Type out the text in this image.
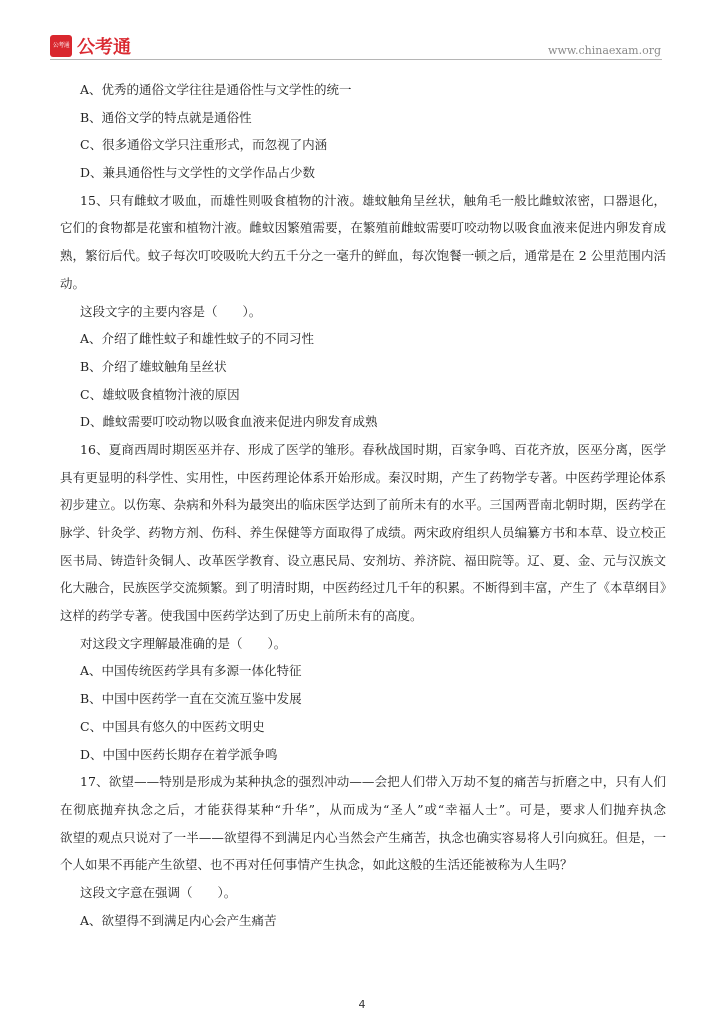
公考通 公考通	www.chinaexam.org
A、优秀的通俗文学往往是通俗性与文学性的统一
B、通俗文学的特点就是通俗性
C、很多通俗文学只注重形式，而忽视了内涵
D、兼具通俗性与文学性的文学作品占少数
15、只有雌蚊才吸血，而雄性则吸食植物的汁液。雄蚊触角呈丝状，触角毛一般比雌蚊浓密，口器退化，
它们的食物都是花蜜和植物汁液。雌蚊因繁殖需要，在繁殖前雌蚊需要叮咬动物以吸食血液来促进内卵发育成
熟，繁衍后代。蚊子每次叮咬吸吮大约五千分之一毫升的鲜血，每次饱餐一顿之后，通常是在 2 公里范围内活
动。
这段文字的主要内容是（　　）。
A、介绍了雌性蚊子和雄性蚊子的不同习性
B、介绍了雄蚊触角呈丝状
C、雄蚊吸食植物汁液的原因
D、雌蚊需要叮咬动物以吸食血液来促进内卵发育成熟
16、夏商西周时期医巫并存、形成了医学的雏形。春秋战国时期，百家争鸣、百花齐放，医巫分离，医学
具有更显明的科学性、实用性，中医药理论体系开始形成。秦汉时期，产生了药物学专著。中医药学理论体系
初步建立。以伤寒、杂病和外科为最突出的临床医学达到了前所未有的水平。三国两晋南北朝时期，医药学在
脉学、针灸学、药物方剂、伤科、养生保健等方面取得了成绩。两宋政府组织人员编纂方书和本草、设立校正
医书局、铸造针灸铜人、改革医学教育、设立惠民局、安剂坊、养济院、福田院等。辽、夏、金、元与汉族文
化大融合，民族医学交流频繁。到了明清时期，中医药经过几千年的积累。不断得到丰富，产生了《本草纲目》
这样的药学专著。使我国中医药学达到了历史上前所未有的高度。
对这段文字理解最准确的是（　　）。
A、中国传统医药学具有多源一体化特征
B、中国中医药学一直在交流互鉴中发展
C、中国具有悠久的中医药文明史
D、中国中医药长期存在着学派争鸣
17、欲望——特别是形成为某种执念的强烈冲动——会把人们带入万劫不复的痛苦与折磨之中，只有人们
在彻底抛弃执念之后，才能获得某种“升华”，从而成为“圣人”或“幸福人士”。可是，要求人们抛弃执念
欲望的观点只说对了一半——欲望得不到满足内心当然会产生痛苦，执念也确实容易将人引向疯狂。但是，一
个人如果不再能产生欲望、也不再对任何事情产生执念，如此这般的生活还能被称为人生吗？
这段文字意在强调（　　）。
A、欲望得不到满足内心会产生痛苦
4
